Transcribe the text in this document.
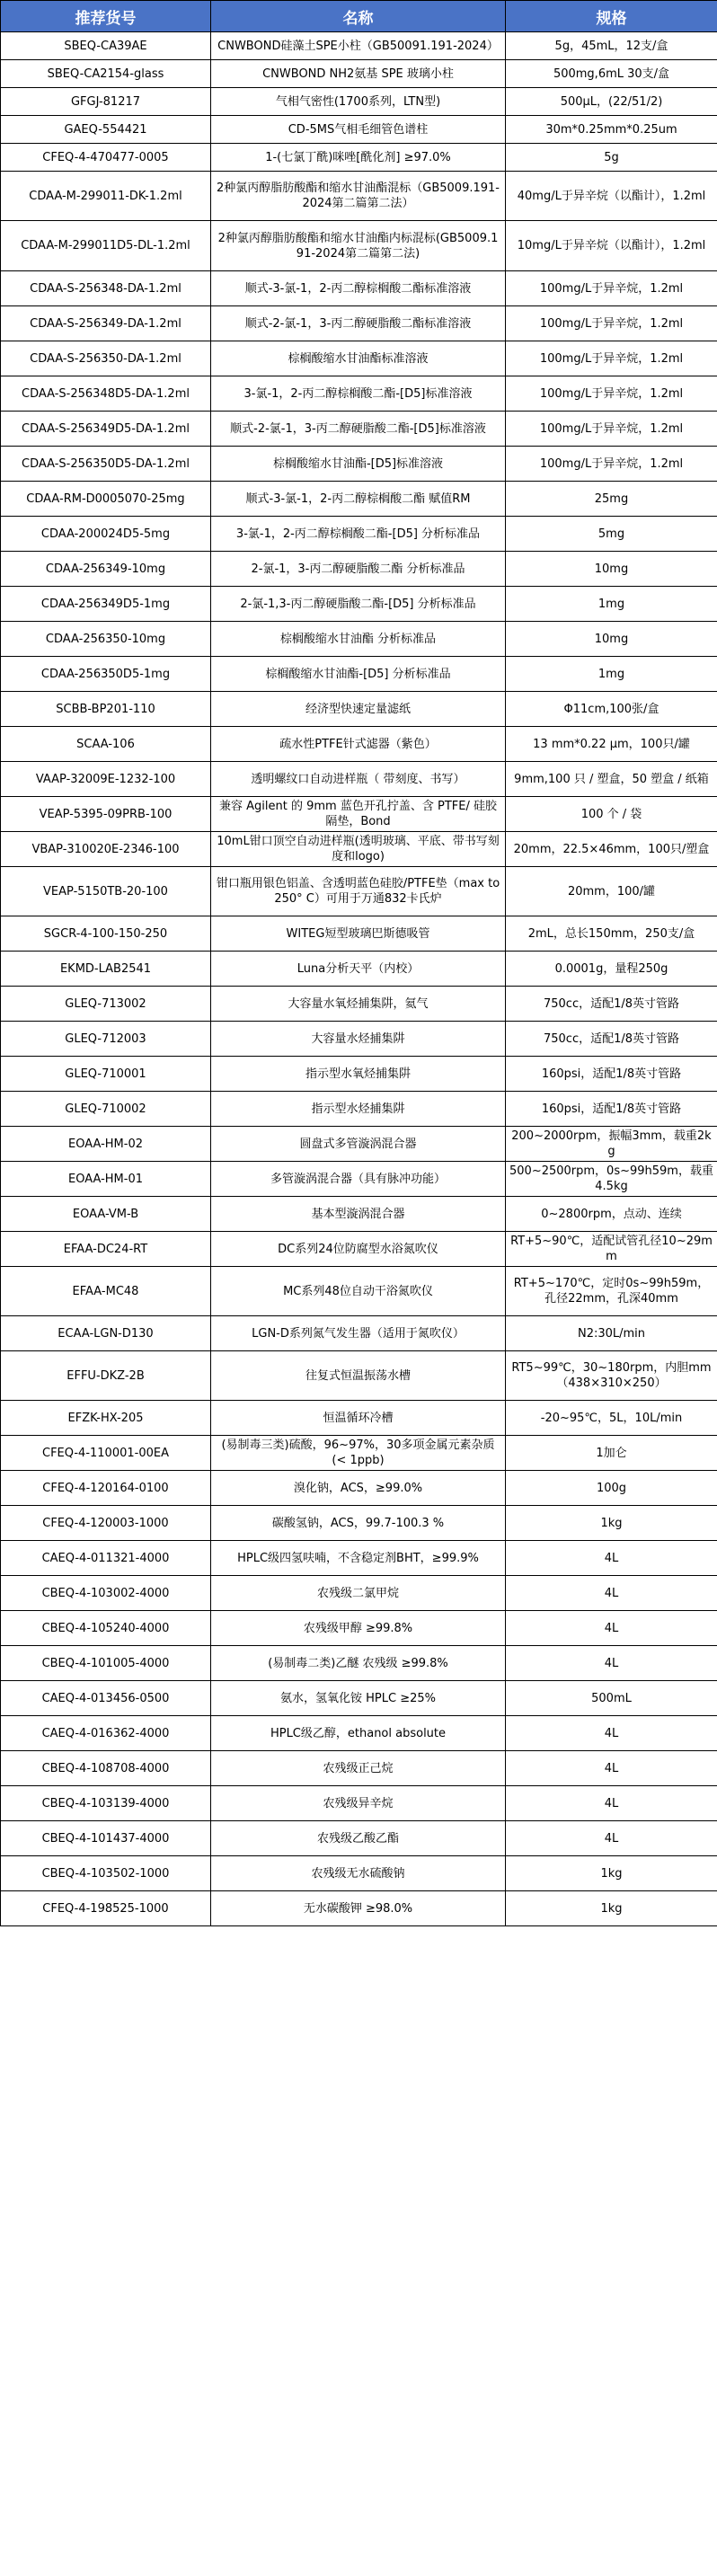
推荐货号	名称	规格
SBEQ-CA39AE	CNWBOND硅藻土SPE小柱（GB50091.191-2024）	5g，45mL，12支/盒
SBEQ-CA2154-glass	CNWBOND NH2氨基 SPE 玻璃小柱	500mg,6mL 30支/盒
GFGJ-81217	气相气密性(1700系列，LTN型)	500μL，(22/51/2)
GAEQ-554421	CD-5MS气相毛细管色谱柱	30m*0.25mm*0.25um
CFEQ-4-470477-0005	1-(七氯丁酰)咪唑[酰化剂] ≥97.0%	5g
CDAA-M-299011-DK-1.2ml	2种氯丙醇脂肪酸酯和缩水甘油酯混标（GB5009.191-2024第二篇第二法）	40mg/L于异辛烷（以酯计），1.2ml
CDAA-M-299011D5-DL-1.2ml	2种氯丙醇脂肪酸酯和缩水甘油酯内标混标(GB5009.191-2024第二篇第二法)	10mg/L于异辛烷（以酯计），1.2ml
CDAA-S-256348-DA-1.2ml	顺式-3-氯-1，2-丙二醇棕榈酸二酯标准溶液	100mg/L于异辛烷，1.2ml
CDAA-S-256349-DA-1.2ml	顺式-2-氯-1，3-丙二醇硬脂酸二酯标准溶液	100mg/L于异辛烷，1.2ml
CDAA-S-256350-DA-1.2ml	棕榈酸缩水甘油酯标准溶液	100mg/L于异辛烷，1.2ml
CDAA-S-256348D5-DA-1.2ml	3-氯-1，2-丙二醇棕榈酸二酯-[D5]标准溶液	100mg/L于异辛烷，1.2ml
CDAA-S-256349D5-DA-1.2ml	顺式-2-氯-1，3-丙二醇硬脂酸二酯-[D5]标准溶液	100mg/L于异辛烷，1.2ml
CDAA-S-256350D5-DA-1.2ml	棕榈酸缩水甘油酯-[D5]标准溶液	100mg/L于异辛烷，1.2ml
CDAA-RM-D0005070-25mg	顺式-3-氯-1，2-丙二醇棕榈酸二酯 赋值RM	25mg
CDAA-200024D5-5mg	3-氯-1，2-丙二醇棕榈酸二酯-[D5] 分析标准品	5mg
CDAA-256349-10mg	2-氯-1，3-丙二醇硬脂酸二酯 分析标准品	10mg
CDAA-256349D5-1mg	2-氯-1,3-丙二醇硬脂酸二酯-[D5] 分析标准品	1mg
CDAA-256350-10mg	棕榈酸缩水甘油酯 分析标准品	10mg
CDAA-256350D5-1mg	棕榈酸缩水甘油酯-[D5] 分析标准品	1mg
SCBB-BP201-110	经济型快速定量滤纸	Φ11cm,100张/盒
SCAA-106	疏水性PTFE针式滤器（紫色）	13 mm*0.22 μm，100只/罐
VAAP-32009E-1232-100	透明螺纹口自动进样瓶（ 带刻度、书写）	9mm,100 只 / 塑盒，50 塑盒 / 纸箱
VEAP-5395-09PRB-100	兼容 Agilent 的 9mm 蓝色开孔拧盖、含 PTFE/ 硅胶隔垫，Bond	100 个 / 袋
VBAP-310020E-2346-100	10mL钳口顶空自动进样瓶(透明玻璃、平底、带书写刻度和logo)	20mm，22.5×46mm，100只/塑盒
VEAP-5150TB-20-100	钳口瓶用银色铝盖、含透明蓝色硅胶/PTFE垫（max to250° C）可用于万通832卡氏炉	20mm，100/罐
SGCR-4-100-150-250	WITEG短型玻璃巴斯德吸管	2mL，总长150mm，250支/盒
EKMD-LAB2541	Luna分析天平（内校）	0.0001g，量程250g
GLEQ-713002	大容量水氧烃捕集阱，氦气	750cc，适配1/8英寸管路
GLEQ-712003	大容量水烃捕集阱	750cc，适配1/8英寸管路
GLEQ-710001	指示型水氧烃捕集阱	160psi，适配1/8英寸管路
GLEQ-710002	指示型水烃捕集阱	160psi，适配1/8英寸管路
EOAA-HM-02	圆盘式多管漩涡混合器	200~2000rpm，振幅3mm，载重2kg
EOAA-HM-01	多管漩涡混合器（具有脉冲功能）	500~2500rpm，0s~99h59m，载重4.5kg
EOAA-VM-B	基本型漩涡混合器	0~2800rpm，点动、连续
EFAA-DC24-RT	DC系列24位防腐型水浴氮吹仪	RT+5~90℃，适配试管孔径10~29mm
EFAA-MC48	MC系列48位自动干浴氮吹仪	RT+5~170℃，定时0s~99h59m，孔径22mm，孔深40mm
ECAA-LGN-D130	LGN-D系列氮气发生器（适用于氮吹仪）	N2:30L/min
EFFU-DKZ-2B	往复式恒温振荡水槽	RT5~99℃，30~180rpm，内胆mm（438×310×250）
EFZK-HX-205	恒温循环冷槽	-20~95℃，5L，10L/min
CFEQ-4-110001-00EA	(易制毒三类)硫酸，96~97%，30多项金属元素杂质(< 1ppb)	1加仑
CFEQ-4-120164-0100	溴化钠，ACS，≥99.0%	100g
CFEQ-4-120003-1000	碳酸氢钠，ACS，99.7-100.3 %	1kg
CAEQ-4-011321-4000	HPLC级四氢呋喃，不含稳定剂BHT，≥99.9%	4L
CBEQ-4-103002-4000	农残级二氯甲烷	4L
CBEQ-4-105240-4000	农残级甲醇 ≥99.8%	4L
CBEQ-4-101005-4000	(易制毒二类)乙醚 农残级 ≥99.8%	4L
CAEQ-4-013456-0500	氨水，氢氧化铵 HPLC ≥25%	500mL
CAEQ-4-016362-4000	HPLC级乙醇，ethanol absolute	4L
CBEQ-4-108708-4000	农残级正己烷	4L
CBEQ-4-103139-4000	农残级异辛烷	4L
CBEQ-4-101437-4000	农残级乙酸乙酯	4L
CBEQ-4-103502-1000	农残级无水硫酸钠	1kg
CFEQ-4-198525-1000	无水碳酸钾 ≥98.0%	1kg
